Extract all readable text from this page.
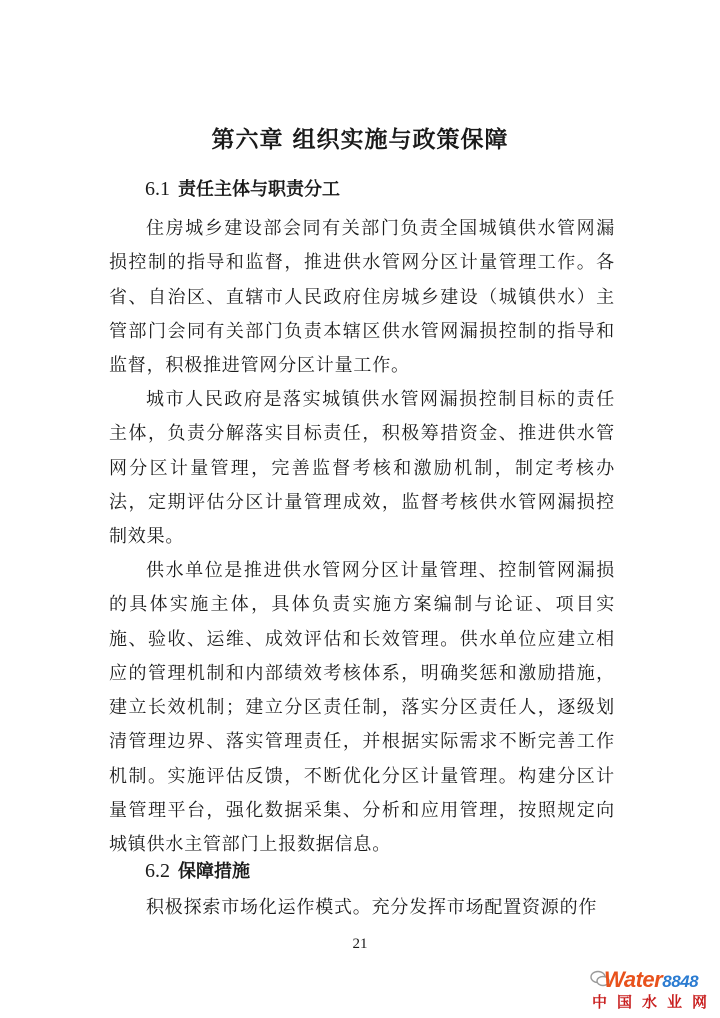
第六章 组织实施与政策保障
6.1 责任主体与职责分工

住房城乡建设部会同有关部门负责全国城镇供水管网漏损控制的指导和监督，推进供水管网分区计量管理工作。各省、自治区、直辖市人民政府住房城乡建设（城镇供水）主管部门会同有关部门负责本辖区供水管网漏损控制的指导和监督，积极推进管网分区计量工作。

城市人民政府是落实城镇供水管网漏损控制目标的责任主体，负责分解落实目标责任，积极筹措资金、推进供水管网分区计量管理，完善监督考核和激励机制，制定考核办法，定期评估分区计量管理成效，监督考核供水管网漏损控制效果。

供水单位是推进供水管网分区计量管理、控制管网漏损的具体实施主体，具体负责实施方案编制与论证、项目实施、验收、运维、成效评估和长效管理。供水单位应建立相应的管理机制和内部绩效考核体系，明确奖惩和激励措施，建立长效机制；建立分区责任制，落实分区责任人，逐级划清管理边界、落实管理责任，并根据实际需求不断完善工作机制。实施评估反馈，不断优化分区计量管理。构建分区计量管理平台，强化数据采集、分析和应用管理，按照规定向城镇供水主管部门上报数据信息。

6.2 保障措施

积极探索市场化运作模式。充分发挥市场配置资源的作

21
Water8848
中国水业网
